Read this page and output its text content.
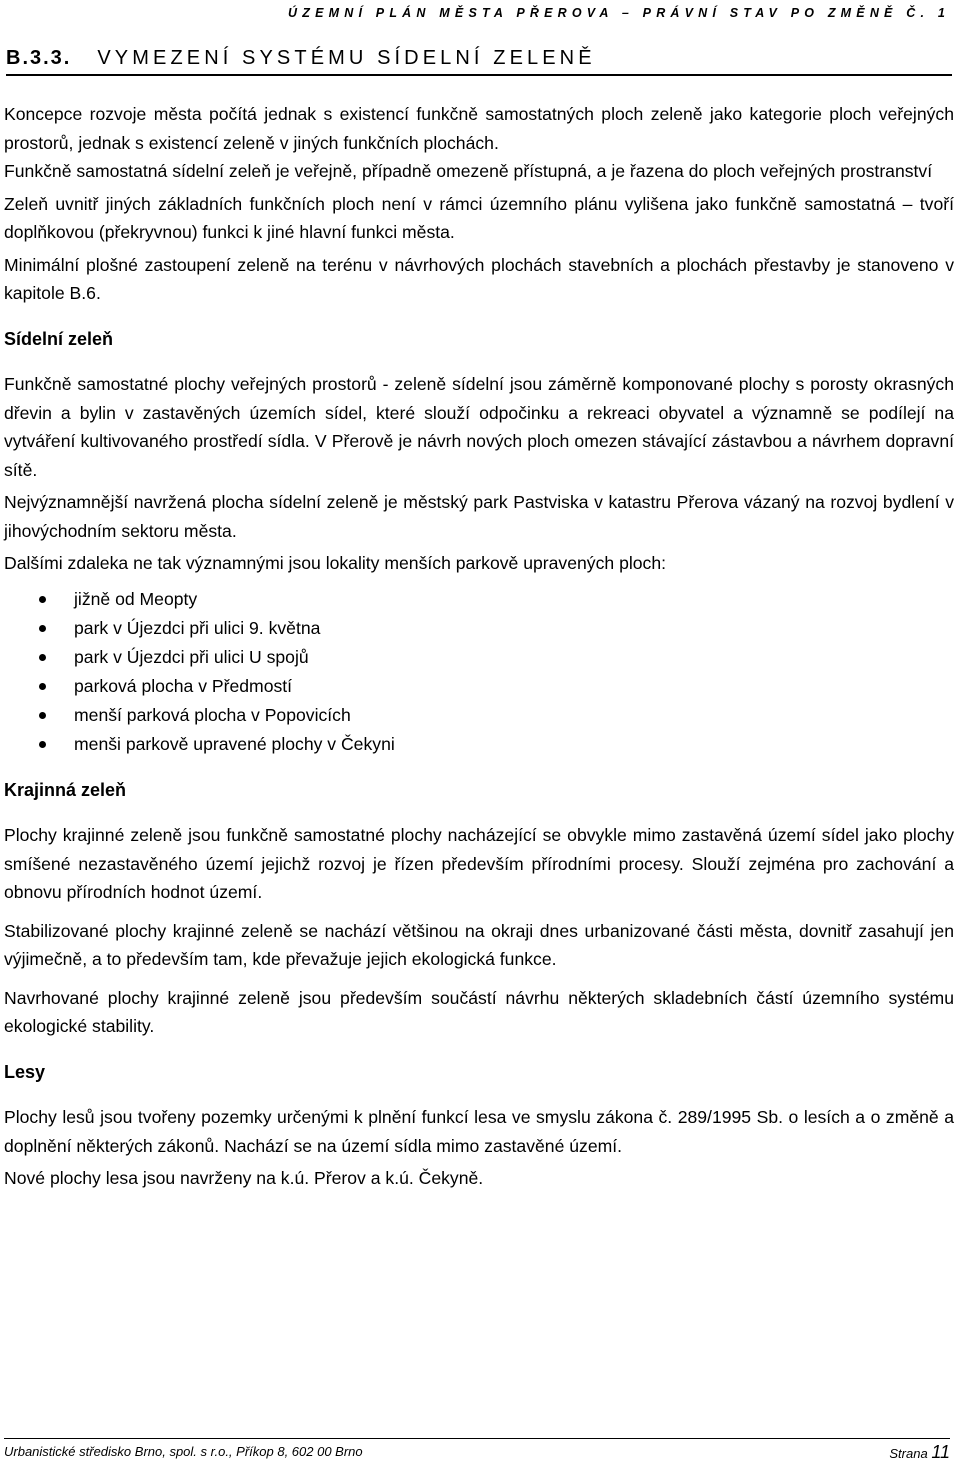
ÚZEMNÍ PLÁN MĚSTA PŘEROVA – PRÁVNÍ STAV PO ZMĚNĚ Č. 1
B.3.3. VYMEZENÍ SYSTÉMU SÍDELNÍ ZELENĚ

Koncepce rozvoje města počítá jednak s existencí funkčně samostatných ploch zeleně jako kategorie ploch veřejných prostorů, jednak s existencí zeleně v jiných funkčních plochách.

Funkčně samostatná sídelní zeleň je veřejně, případně omezeně přístupná, a je řazena do ploch veřejných prostranství

Zeleň uvnitř jiných základních funkčních ploch není v rámci územního plánu vylišena jako funkčně samostatná – tvoří doplňkovou (překryvnou) funkci k jiné hlavní funkci města.

Minimální plošné zastoupení zeleně na terénu v návrhových plochách stavebních a plochách přestavby je stanoveno v kapitole B.6.

Sídelní zeleň

Funkčně samostatné plochy veřejných prostorů - zeleně sídelní jsou záměrně komponované plochy s porosty okrasných dřevin a bylin v zastavěných územích sídel, které slouží odpočinku a rekreaci obyvatel a významně se podílejí na vytváření kultivovaného prostředí sídla. V Přerově je návrh nových ploch omezen stávající zástavbou a návrhem dopravní sítě.

Nejvýznamnější navržená plocha sídelní zeleně je městský park Pastviska v katastru Přerova vázaný na rozvoj bydlení v jihovýchodním sektoru města.

Dalšími zdaleka ne tak významnými jsou lokality menších parkově upravených ploch:

jižně od Meopty
park v Újezdci při ulici 9. května
park v Újezdci při ulici U spojů
parková plocha v Předmostí
menší parková plocha v Popovicích
menši parkově upravené plochy v Čekyni

Krajinná zeleň

Plochy krajinné zeleně jsou funkčně samostatné plochy nacházející se obvykle mimo zastavěná území sídel jako plochy smíšené nezastavěného území jejichž rozvoj je řízen především přírodními procesy. Slouží zejména pro zachování a obnovu přírodních hodnot území.

Stabilizované plochy krajinné zeleně se nachází většinou na okraji dnes urbanizované části města, dovnitř zasahují jen výjimečně, a to především tam, kde převažuje jejich ekologická funkce.

Navrhované plochy krajinné zeleně jsou především součástí návrhu některých skladebních částí územního systému ekologické stability.

Lesy

Plochy lesů jsou tvořeny pozemky určenými k plnění funkcí lesa ve smyslu zákona č. 289/1995 Sb. o lesích a o změně a doplnění některých zákonů. Nachází se na území sídla mimo zastavěné území.

Nové plochy lesa jsou navrženy na k.ú. Přerov a k.ú. Čekyně.

Urbanistické středisko Brno, spol. s r.o., Příkop 8, 602 00 Brno	Strana 11
